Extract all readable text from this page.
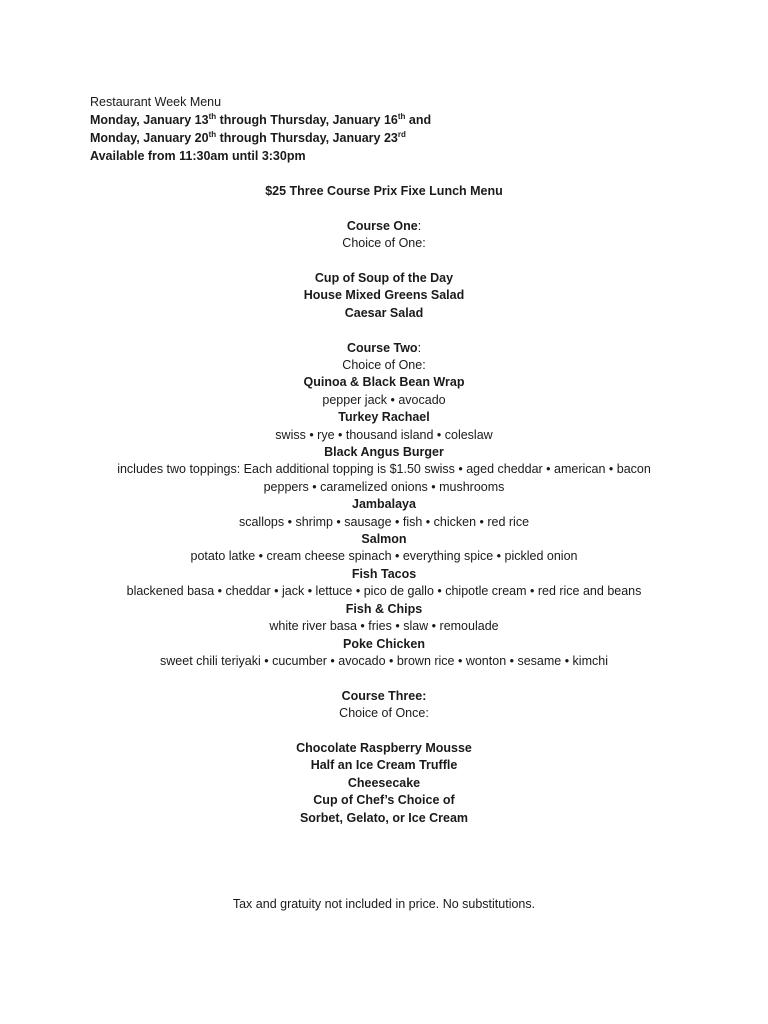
Restaurant Week Menu
Monday, January 13th through Thursday, January 16th and
Monday, January 20th through Thursday, January 23rd
Available from 11:30am until 3:30pm
$25 Three Course Prix Fixe Lunch Menu
Course One:
Choice of One:
Cup of Soup of the Day
House Mixed Greens Salad
Caesar Salad
Course Two:
Choice of One:
Quinoa & Black Bean Wrap
pepper jack • avocado
Turkey Rachael
swiss • rye • thousand island • coleslaw
Black Angus Burger
includes two toppings: Each additional topping is $1.50 swiss • aged cheddar • american • bacon
peppers • caramelized onions • mushrooms
Jambalaya
scallops • shrimp • sausage • fish • chicken • red rice
Salmon
potato latke • cream cheese spinach • everything spice • pickled onion
Fish Tacos
blackened basa • cheddar • jack • lettuce • pico de gallo • chipotle cream • red rice and beans
Fish & Chips
white river basa • fries • slaw • remoulade
Poke Chicken
sweet chili teriyaki • cucumber • avocado • brown rice • wonton • sesame • kimchi
Course Three:
Choice of Once:
Chocolate Raspberry Mousse
Half an Ice Cream Truffle
Cheesecake
Cup of Chef’s Choice of
Sorbet, Gelato, or Ice Cream
Tax and gratuity not included in price. No substitutions.
